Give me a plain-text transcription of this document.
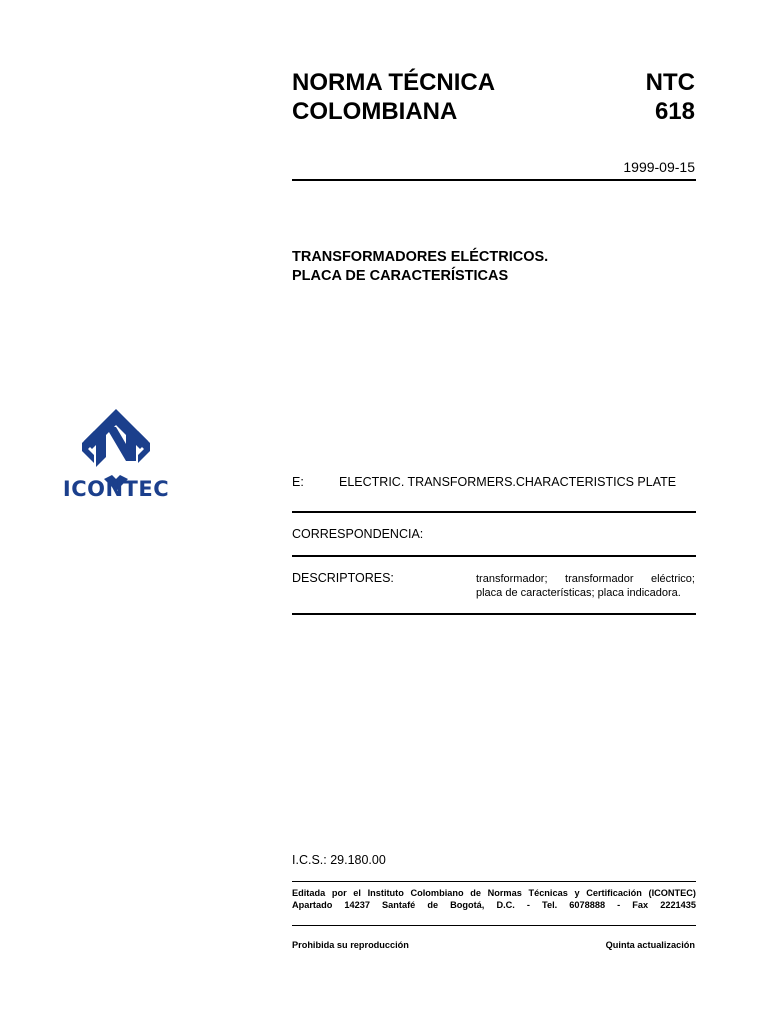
NORMA TÉCNICA
COLOMBIANA
NTC
618
1999-09-15
TRANSFORMADORES ELÉCTRICOS.
PLACA DE CARACTERÍSTICAS
ICONTEC	E:	ELECTRIC. TRANSFORMERS.CHARACTERISTICS PLATE
CORRESPONDENCIA:
DESCRIPTORES:	transformador; transformador eléctrico; placa de características; placa indicadora.
I.C.S.: 29.180.00
Editada por el Instituto Colombiano de Normas Técnicas y Certificación (ICONTEC)
Apartado 14237 Santafé de Bogotá, D.C. - Tel. 6078888 - Fax 2221435
Prohibida su reproducción	Quinta actualización
